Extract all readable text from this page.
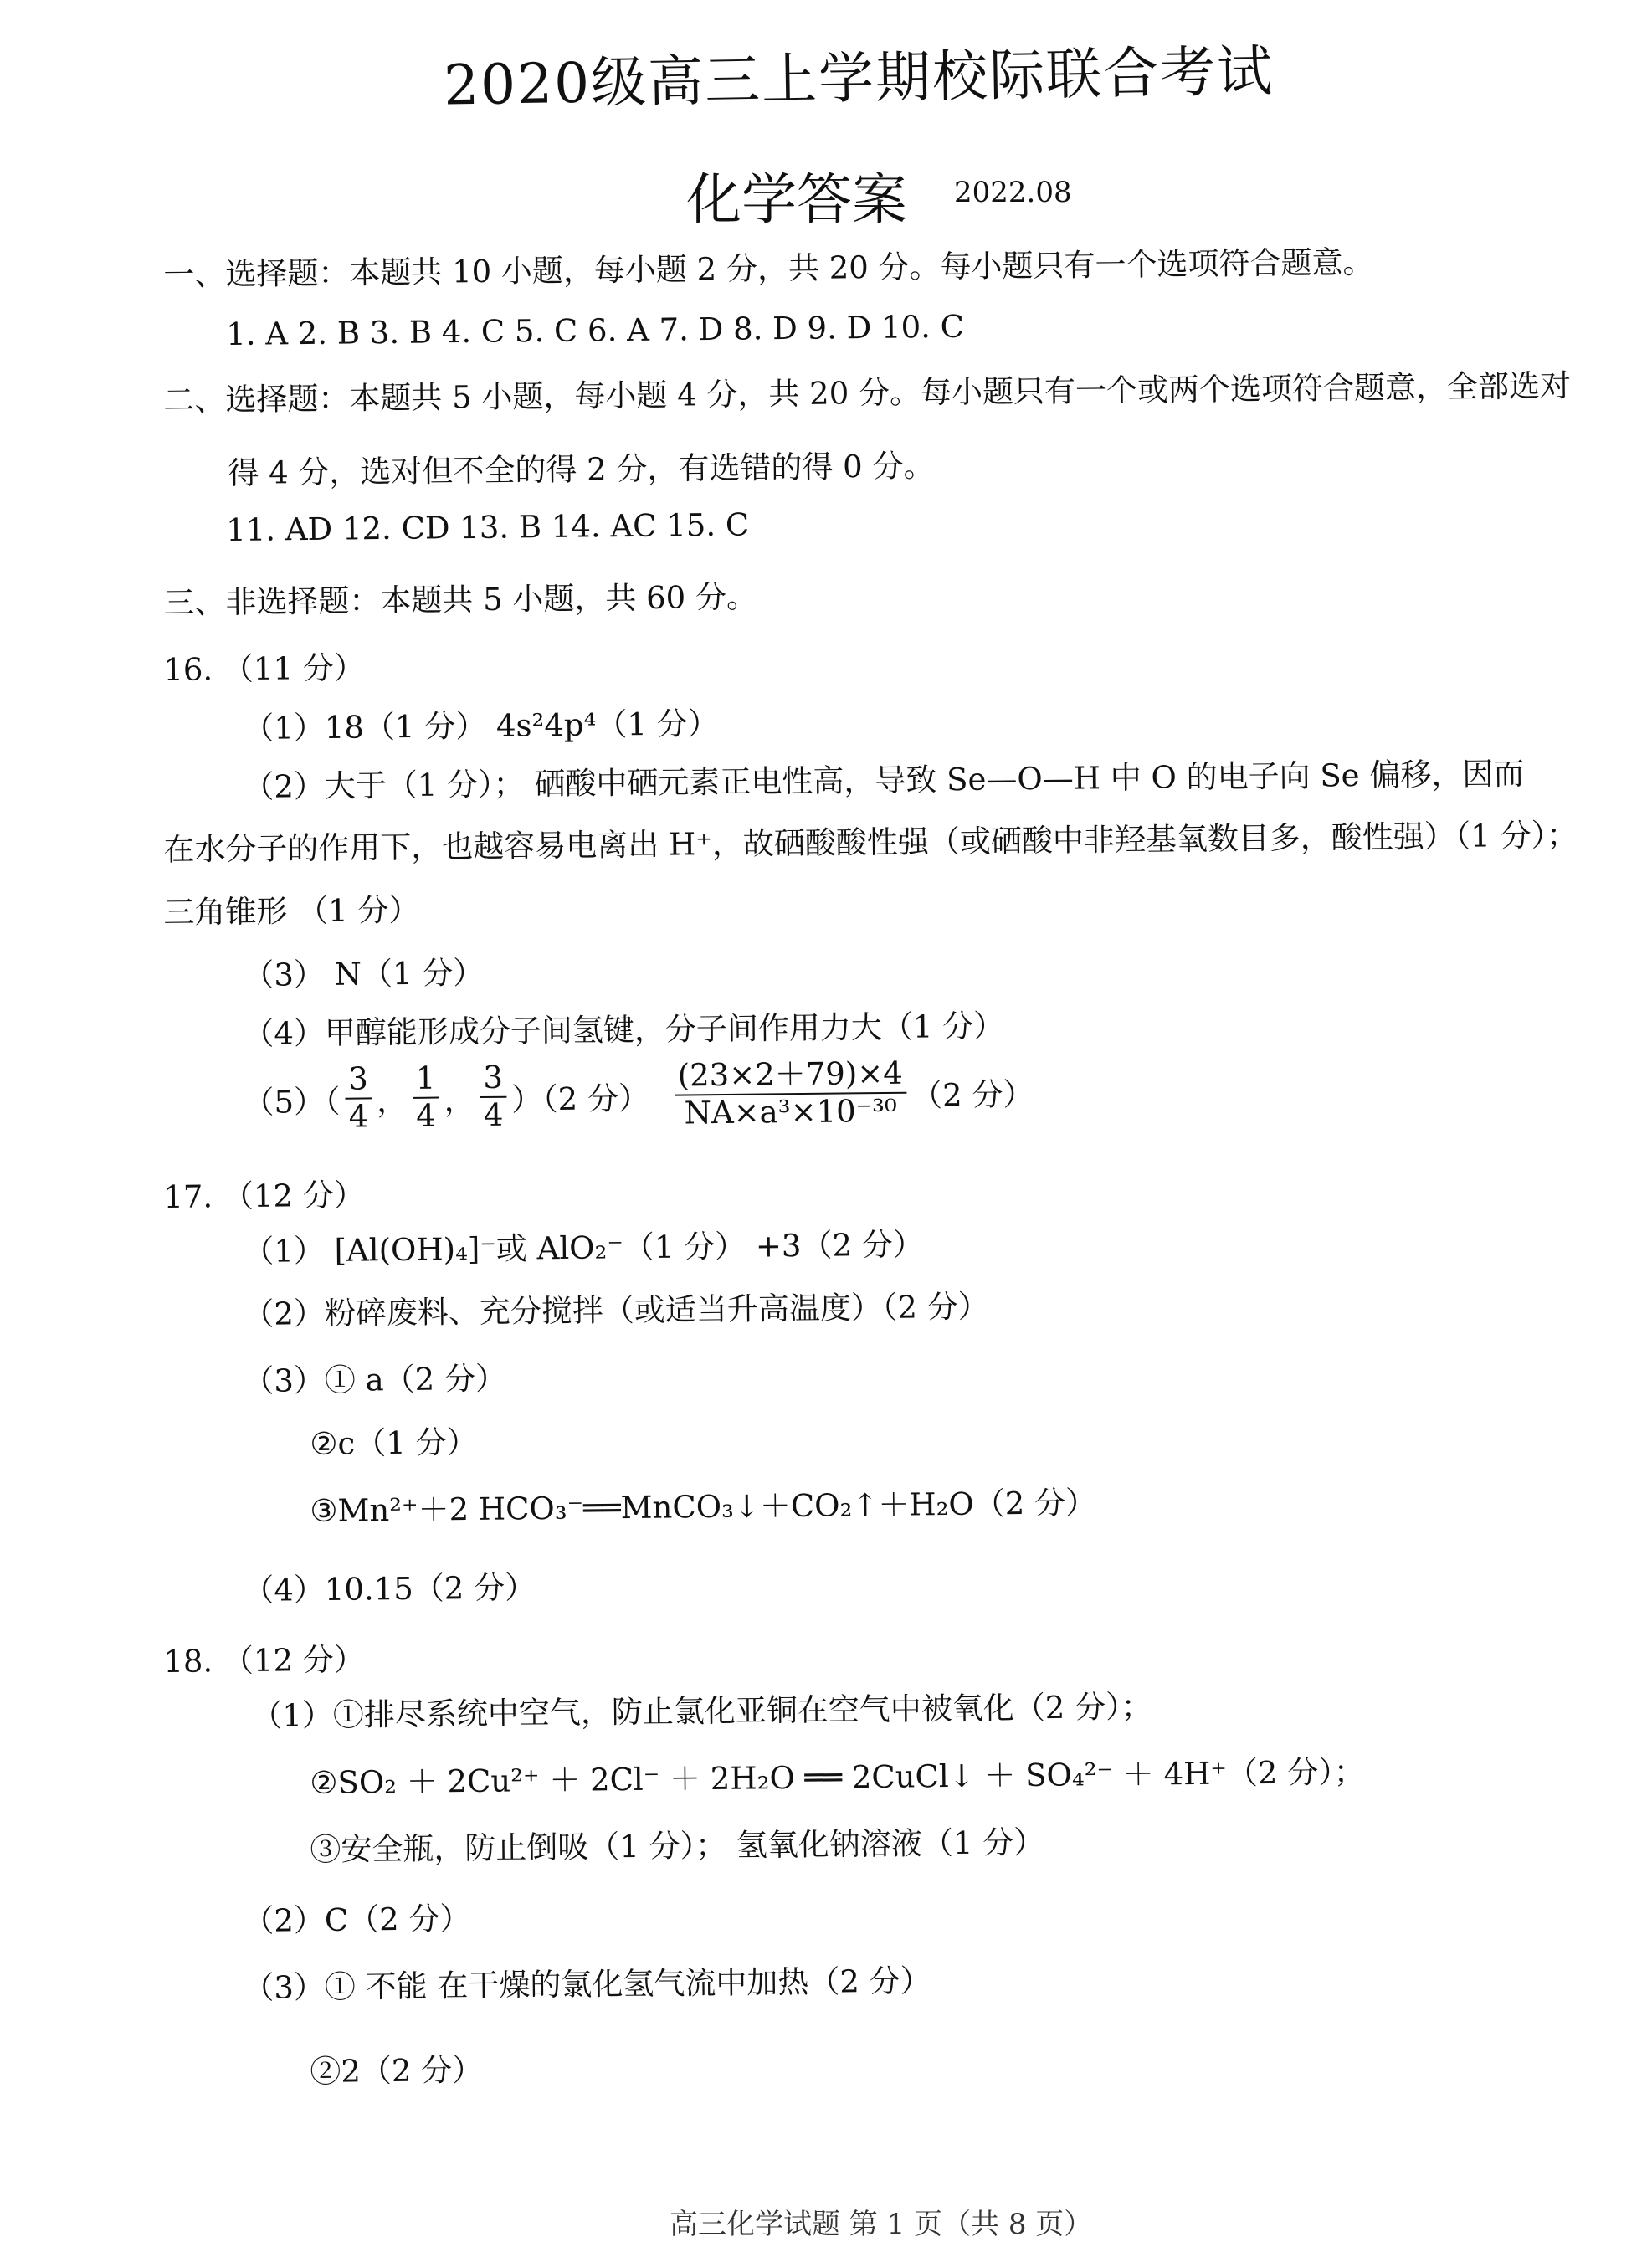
2020级高三上学期校际联合考试
化学答案 2022.08
一、选择题：本题共 10 小题，每小题 2 分，共 20 分。每小题只有一个选项符合题意。
1. A 2. B 3. B 4. C 5. C 6. A 7. D 8. D 9. D 10. C
二、选择题：本题共 5 小题，每小题 4 分，共 20 分。每小题只有一个或两个选项符合题意，全部选对
得 4 分，选对但不全的得 2 分，有选错的得 0 分。
11. AD 12. CD 13. B 14. AC 15. C
三、非选择题：本题共 5 小题，共 60 分。
16. （11 分）
（1）18（1 分） 4s²4p⁴（1 分）
（2）大于（1 分）； 硒酸中硒元素正电性高，导致 Se—O—H 中 O 的电子向 Se 偏移，因而
在水分子的作用下，也越容易电离出 H⁺，故硒酸酸性强（或硒酸中非羟基氧数目多，酸性强）（1 分）；
三角锥形 （1 分）
（3） N（1 分）
（4）甲醇能形成分子间氢键，分子间作用力大（1 分）
$(5)( \frac{3}{4}$ ， $\frac{1}{4}$ ， $\frac{3}{4} )(2$ 分） $\frac{(23\times 2+79)\times 4}{\text{NA×a³×10⁻³⁰}} (2$ 分）
17. （12 分）
（1） [Al(OH)₄]⁻或 AlO₂⁻（1 分） +3（2 分）
（2）粉碎废料、充分搅拌（或适当升高温度）（2 分）
（3）① a（2 分）
②c（1 分）
③Mn²⁺＋2 HCO₃⁻══MnCO₃↓＋CO₂↑＋H₂O（2 分）
（4）10.15（2 分）
18. （12 分）
（1）①排尽系统中空气，防止氯化亚铜在空气中被氧化（2 分）；
②SO₂ ＋ 2Cu²⁺ ＋ 2Cl⁻ ＋ 2H₂O ══ 2CuCl↓ ＋ SO₄²⁻ ＋ 4H⁺（2 分）；
③安全瓶，防止倒吸（1 分）； 氢氧化钠溶液（1 分）
（2）C（2 分）
（3）① 不能 在干燥的氯化氢气流中加热（2 分）
②2（2 分）
高三化学试题 第 1 页（共 8 页）
